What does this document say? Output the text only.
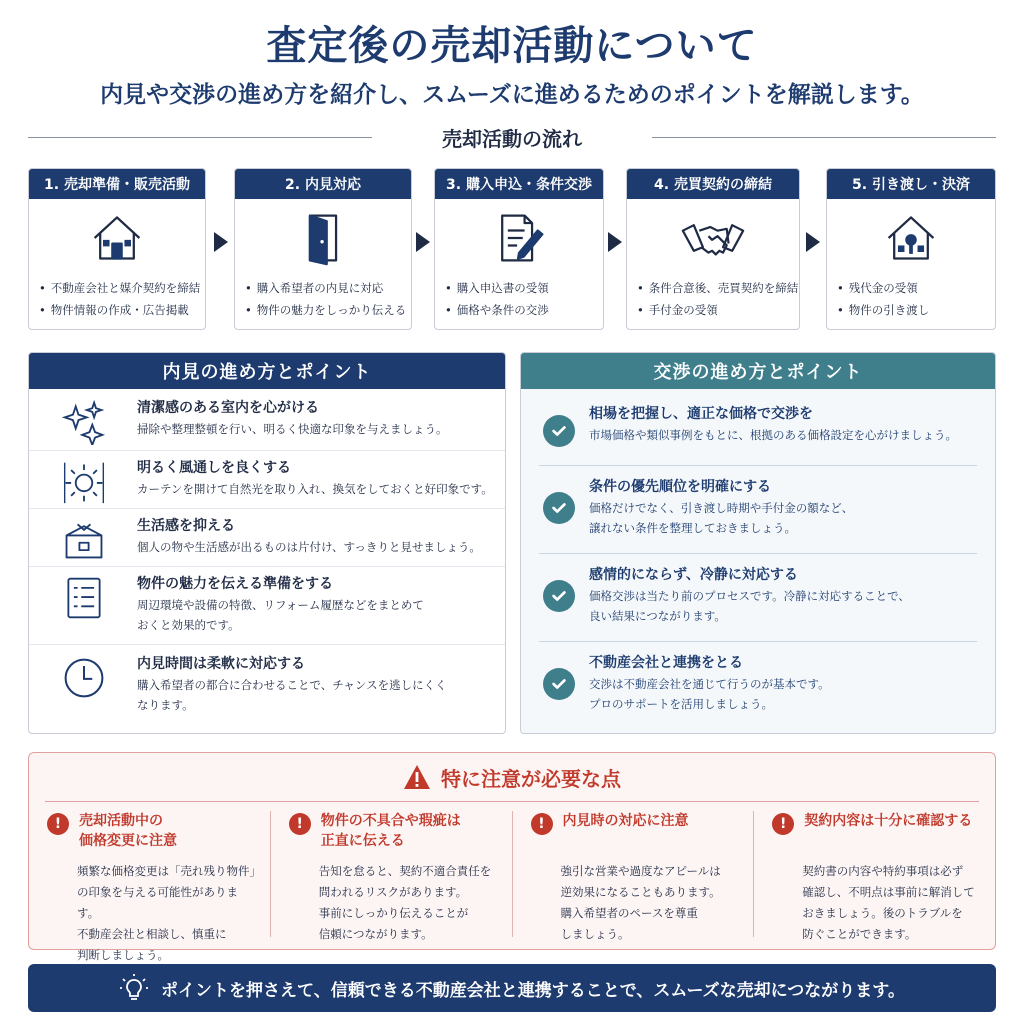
査定後の売却活動について
内見や交渉の進め方を紹介し、スムーズに進めるためのポイントを解説します。
売却活動の流れ
1. 売却準備・販売活動
• 不動産会社と媒介契約を締結
• 物件情報の作成・広告掲載
2. 内見対応
• 購入希望者の内見に対応
• 物件の魅力をしっかり伝える
3. 購入申込・条件交渉
• 購入申込書の受領
• 価格や条件の交渉
4. 売買契約の締結
• 条件合意後、売買契約を締結
• 手付金の受領
5. 引き渡し・決済
• 残代金の受領
• 物件の引き渡し
内見の進め方とポイント
清潔感のある室内を心がける
掃除や整理整頓を行い、明るく快適な印象を与えましょう。
明るく風通しを良くする
カーテンを開けて自然光を取り入れ、換気をしておくと好印象です。
生活感を抑える
個人の物や生活感が出るものは片付け、すっきりと見せましょう。
物件の魅力を伝える準備をする
周辺環境や設備の特徴、リフォーム履歴などをまとめて
おくと効果的です。
内見時間は柔軟に対応する
購入希望者の都合に合わせることで、チャンスを逃しにくく
なります。
交渉の進め方とポイント
相場を把握し、適正な価格で交渉を
市場価格や類似事例をもとに、根拠のある価格設定を心がけましょう。
条件の優先順位を明確にする
価格だけでなく、引き渡し時期や手付金の額など、
譲れない条件を整理しておきましょう。
感情的にならず、冷静に対応する
価格交渉は当たり前のプロセスです。冷静に対応することで、
良い結果につながります。
不動産会社と連携をとる
交渉は不動産会社を通じて行うのが基本です。
プロのサポートを活用しましょう。
特に注意が必要な点
!	売却活動中の
価格変更に注意
頻繁な価格変更は「売れ残り物件」
の印象を与える可能性があります。
不動産会社と相談し、慎重に
判断しましょう。
!	物件の不具合や瑕疵は
正直に伝える
告知を怠ると、契約不適合責任を
問われるリスクがあります。
事前にしっかり伝えることが
信頼につながります。
!	内見時の対応に注意
強引な営業や過度なアピールは
逆効果になることもあります。
購入希望者のペースを尊重
しましょう。
!	契約内容は十分に確認する
契約書の内容や特約事項は必ず
確認し、不明点は事前に解消して
おきましょう。後のトラブルを
防ぐことができます。
ポイントを押さえて、信頼できる不動産会社と連携することで、スムーズな売却につながります。
